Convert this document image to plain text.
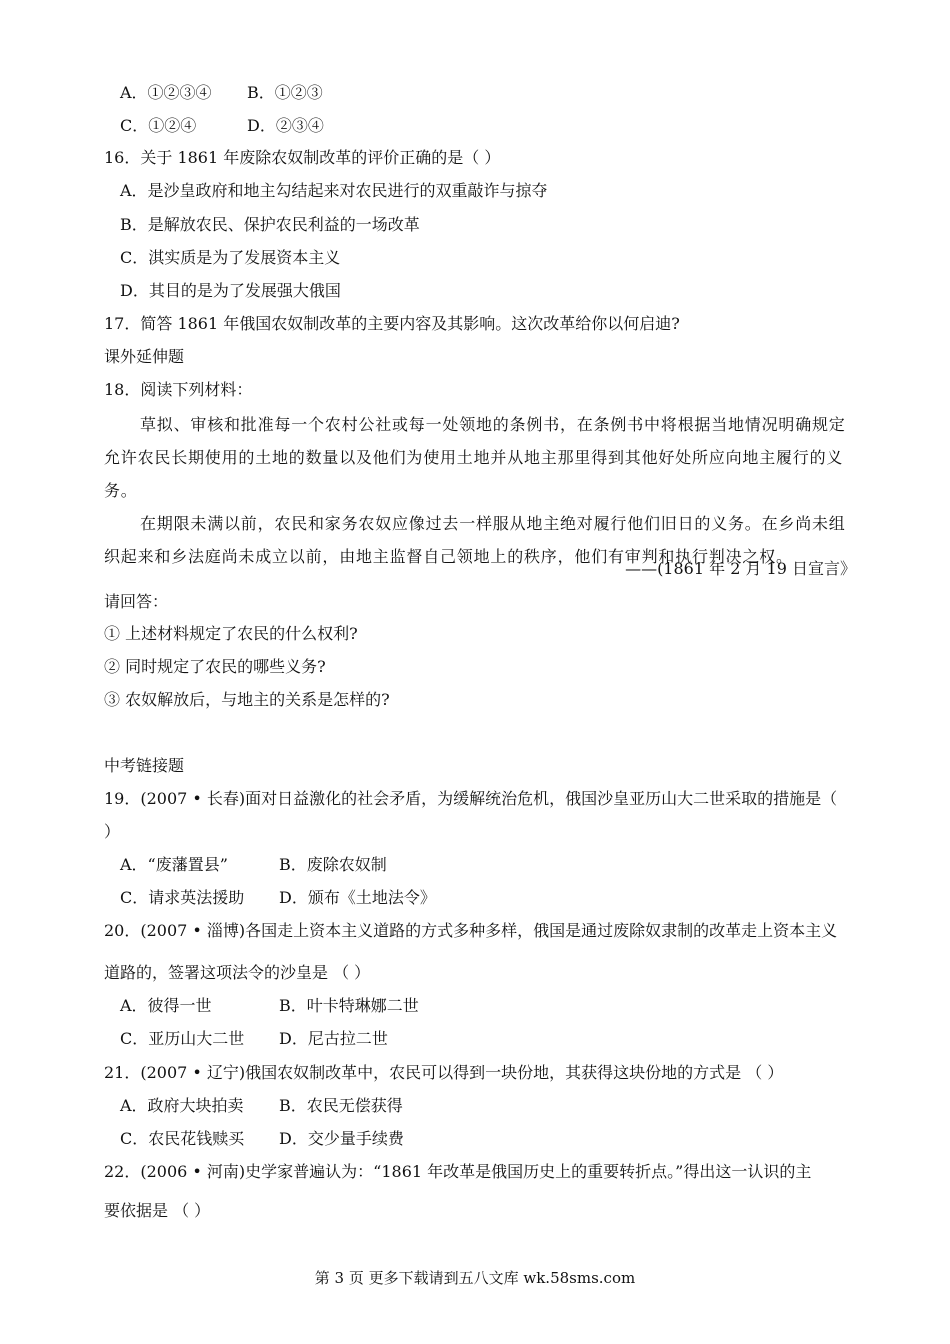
A．①②③④ B．①②③
C．①②④	D．②③④
16．关于 1861 年废除农奴制改革的评价正确的是（ ）
A．是沙皇政府和地主勾结起来对农民进行的双重敲诈与掠夺
B．是解放农民、保护农民利益的一场改革
C．淇实质是为了发展资本主义
D．其目的是为了发展强大俄国
17．简答 1861 年俄国农奴制改革的主要内容及其影响。这次改革给你以何启迪?
课外延伸题
18．阅读下列材料：
草拟、审核和批准每一个农村公社或每一处领地的条例书，在条例书中将根据当地情况明确规定允许农民长期使用的土地的数量以及他们为使用土地并从地主那里得到其他好处所应向地主履行的义务。
在期限未满以前，农民和家务农奴应像过去一样服从地主绝对履行他们旧日的义务。在乡尚未组织起来和乡法庭尚未成立以前，由地主监督自己领地上的秩序，他们有审判和执行判决之权。
——(1861 年 2 月 19 日宣言》
请回答：
① 上述材料规定了农民的什么权利?
② 同时规定了农民的哪些义务?
③ 农奴解放后，与地主的关系是怎样的?
中考链接题
19．(2007 • 长春)面对日益激化的社会矛盾，为缓解统治危机，俄国沙皇亚历山大二世采取的措施是（
）
A．“废藩置县”	B．废除农奴制
C．请求英法援助 D．颁布《土地法令》
20．(2007 • 淄博)各国走上资本主义道路的方式多种多样，俄国是通过废除奴隶制的改革走上资本主义
道路的，签署这项法令的沙皇是 （ ）
A．彼得一世	B．叶卡特琳娜二世
C．亚历山大二世 D．尼古拉二世
21．(2007 • 辽宁)俄国农奴制改革中，农民可以得到一块份地，其获得这块份地的方式是 （ ）
A．政府大块拍卖 B．农民无偿获得
C．农民花钱赎买 D．交少量手续费
22．(2006 • 河南)史学家普遍认为：“1861 年改革是俄国历史上的重要转折点。”得出这一认识的主
要依据是 （ ）
第 3 页 更多下载请到五八文库 wk.58sms.com
